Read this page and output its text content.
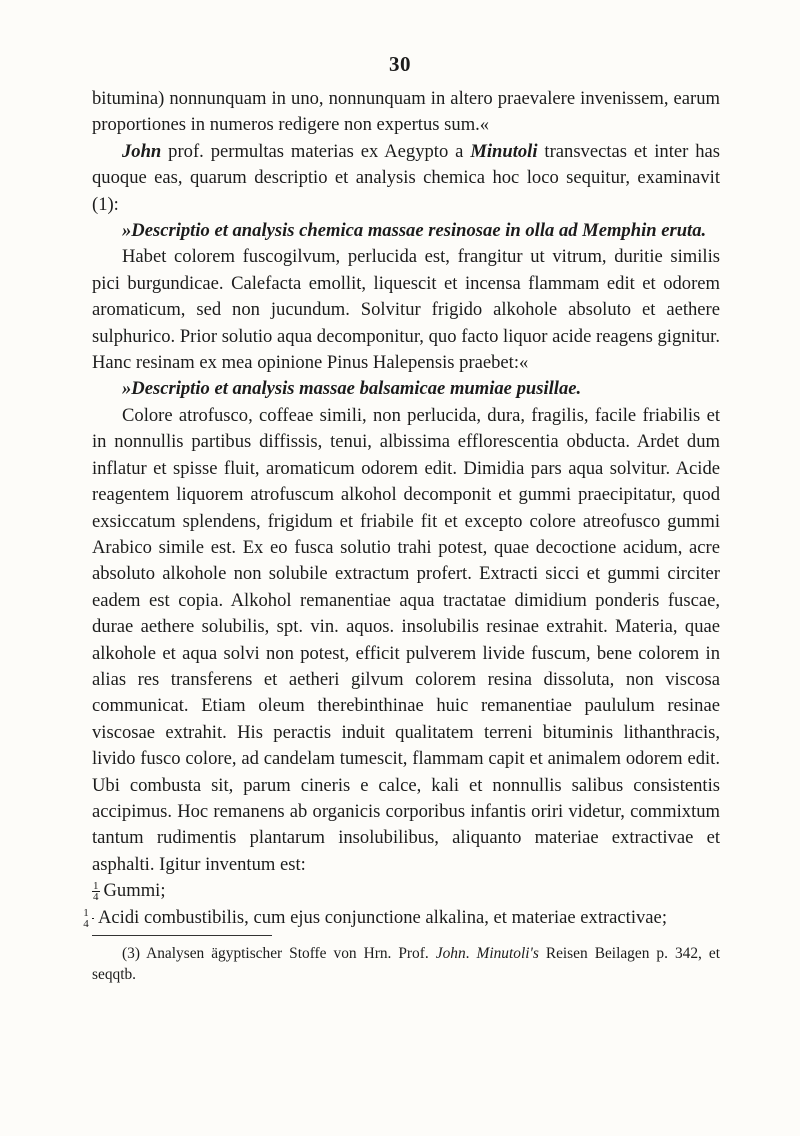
30

bitumina) nonnunquam in uno, nonnunquam in altero praevalere invenissem, earum proportiones in numeros redigere non expertus sum.«

John prof. permultas materias ex Aegypto a Minutoli transvectas et inter has quoque eas, quarum descriptio et analysis chemica hoc loco sequitur, examinavit (1):

»Descriptio et analysis chemica massae resinosae in olla ad Memphin eruta.

Habet colorem fuscogilvum, perlucida est, frangitur ut vitrum, duritie similis pici burgundicae. Calefacta emollit, liquescit et incensa flammam edit et odorem aromaticum, sed non jucundum. Solvitur frigido alkohole absoluto et aethere sulphurico. Prior solutio aqua decomponitur, quo facto liquor acide reagens gignitur. Hanc resinam ex mea opinione Pinus Halepensis praebet:«

»Descriptio et analysis massae balsamicae mumiae pusillae.

Colore atrofusco, coffeae simili, non perlucida, dura, fragilis, facile friabilis et in nonnullis partibus diffissis, tenui, albissima efflorescentia obducta. Ardet dum inflatur et spisse fluit, aromaticum odorem edit. Dimidia pars aqua solvitur. Acide reagentem liquorem atrofuscum alkohol decomponit et gummi praecipitatur, quod exsiccatum splendens, frigidum et friabile fit et excepto colore atreofusco gummi Arabico simile est. Ex eo fusca solutio trahi potest, quae decoctione acidum, acre absoluto alkohole non solubile extractum profert. Extracti sicci et gummi circiter eadem est copia. Alkohol remanentiae aqua tractatae dimidium ponderis fuscae, durae aethere solubilis, spt. vin. aquos. insolubilis resinae extrahit. Materia, quae alkohole et aqua solvi non potest, efficit pulverem livide fuscum, bene colorem in alias res transferens et aetheri gilvum colorem resina dissoluta, non viscosa communicat. Etiam oleum therebinthinae huic remanentiae paululum resinae viscosae extrahit. His peractis induit qualitatem terreni bituminis lithanthracis, livido fusco colore, ad candelam tumescit, flammam capit et animalem odorem edit. Ubi combusta sit, parum cineris e calce, kali et nonnullis salibus consistentis accipimus. Hoc remanens ab organicis corporibus infantis oriri videtur, commixtum tantum rudimentis plantarum insolubilibus, aliquanto materiae extractivae et asphalti. Igitur inventum est:

$\frac{1}{4}$ Gummi;

$\frac{1}{4}$ Acidi combustibilis, cum ejus conjunctione alkalina, et materiae extractivae;

(3) Analysen ägyptischer Stoffe von Hrn. Prof. John. Minutoli's Reisen Beilagen p. 342, et seqqtb.
